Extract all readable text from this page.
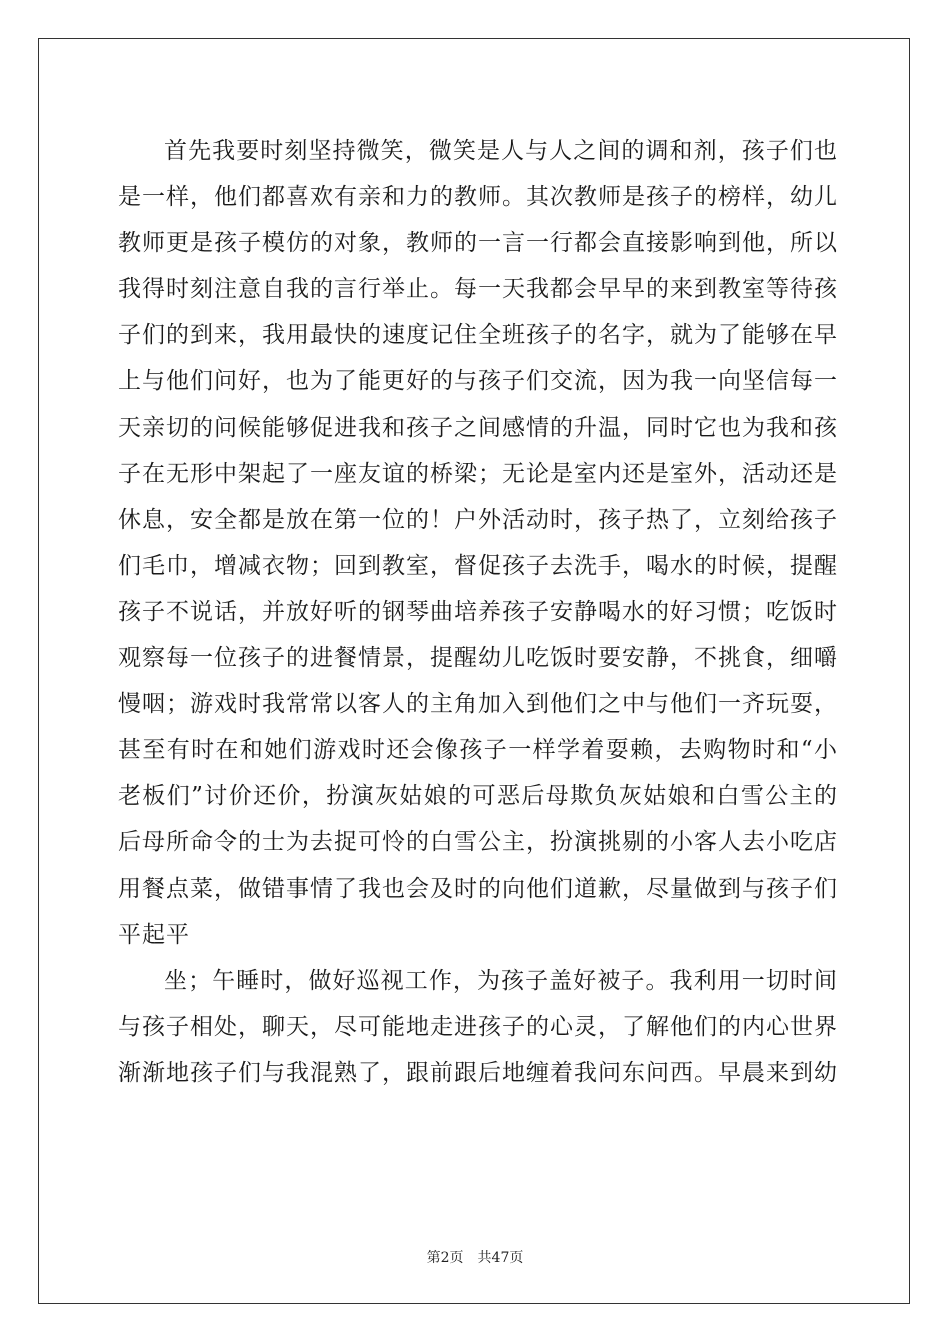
首先我要时刻坚持微笑，微笑是人与人之间的调和剂，孩子们也是一样，他们都喜欢有亲和力的教师。其次教师是孩子的榜样，幼儿教师更是孩子模仿的对象，教师的一言一行都会直接影响到他，所以我得时刻注意自我的言行举止。每一天我都会早早的来到教室等待孩子们的到来，我用最快的速度记住全班孩子的名字，就为了能够在早上与他们问好，也为了能更好的与孩子们交流，因为我一向坚信每一天亲切的问候能够促进我和孩子之间感情的升温，同时它也为我和孩子在无形中架起了一座友谊的桥梁；无论是室内还是室外，活动还是休息，安全都是放在第一位的！户外活动时，孩子热了，立刻给孩子们毛巾，增减衣物；回到教室，督促孩子去洗手，喝水的时候，提醒孩子不说话，并放好听的钢琴曲培养孩子安静喝水的好习惯；吃饭时观察每一位孩子的进餐情景，提醒幼儿吃饭时要安静，不挑食，细嚼慢咽；游戏时我常常以客人的主角加入到他们之中与他们一齐玩耍，甚至有时在和她们游戏时还会像孩子一样学着耍赖，去购物时和“小老板们”讨价还价，扮演灰姑娘的可恶后母欺负灰姑娘和白雪公主的后母所命令的士为去捉可怜的白雪公主，扮演挑剔的小客人去小吃店用餐点菜，做错事情了我也会及时的向他们道歉，尽量做到与孩子们平起平

坐；午睡时，做好巡视工作，为孩子盖好被子。我利用一切时间与孩子相处，聊天，尽可能地走进孩子的心灵，了解他们的内心世界渐渐地孩子们与我混熟了，跟前跟后地缠着我问东问西。早晨来到幼

第2页 共47页
